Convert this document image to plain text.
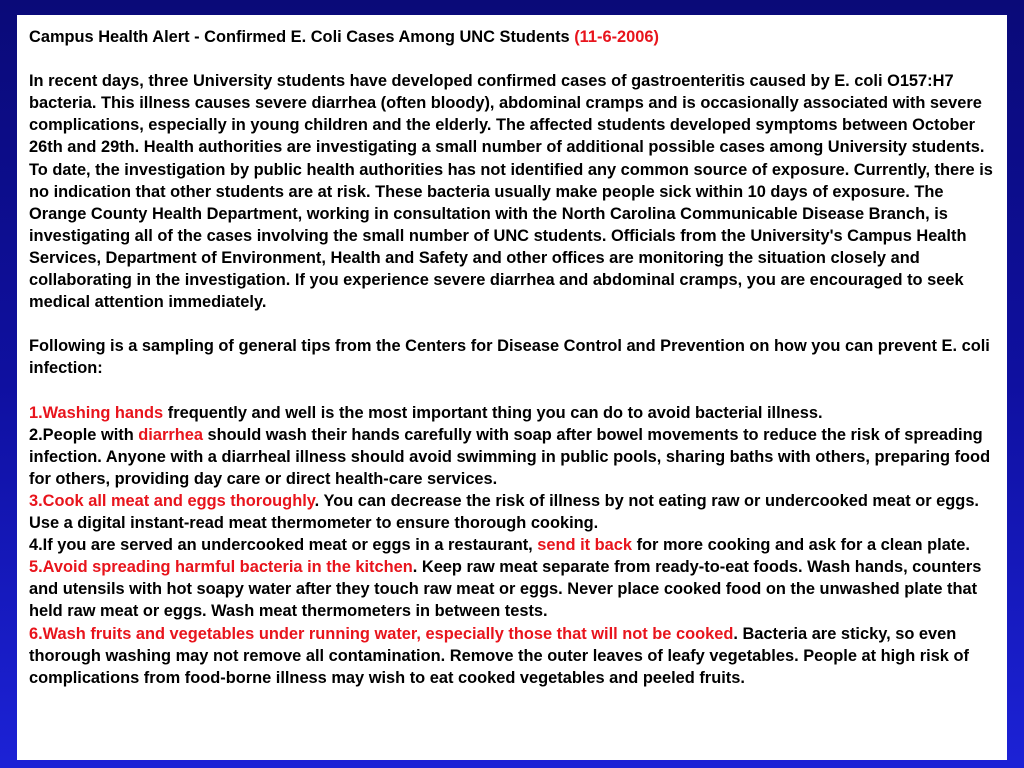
Campus Health Alert - Confirmed E. Coli Cases Among UNC Students (11-6-2006)

In recent days, three University students have developed confirmed cases of gastroenteritis caused by E. coli O157:H7 bacteria. This illness causes severe diarrhea (often bloody), abdominal cramps and is occasionally associated with severe complications, especially in young children and the elderly. The affected students developed symptoms between October 26th and 29th. Health authorities are investigating a small number of additional possible cases among University students. To date, the investigation by public health authorities has not identified any common source of exposure. Currently, there is no indication that other students are at risk. These bacteria usually make people sick within 10 days of exposure. The Orange County Health Department, working in consultation with the North Carolina Communicable Disease Branch, is investigating all of the cases involving the small number of UNC students. Officials from the University's Campus Health Services, Department of Environment, Health and Safety and other offices are monitoring the situation closely and collaborating in the investigation. If you experience severe diarrhea and abdominal cramps, you are encouraged to seek medical attention immediately.

Following is a sampling of general tips from the Centers for Disease Control and Prevention on how you can prevent E. coli infection:

1.Washing hands frequently and well is the most important thing you can do to avoid bacterial illness.

2.People with diarrhea should wash their hands carefully with soap after bowel movements to reduce the risk of spreading infection. Anyone with a diarrheal illness should avoid swimming in public pools, sharing baths with others, preparing food for others, providing day care or direct health-care services.

3.Cook all meat and eggs thoroughly. You can decrease the risk of illness by not eating raw or undercooked meat or eggs. Use a digital instant-read meat thermometer to ensure thorough cooking.

4.If you are served an undercooked meat or eggs in a restaurant, send it back for more cooking and ask for a clean plate.

5.Avoid spreading harmful bacteria in the kitchen. Keep raw meat separate from ready-to-eat foods. Wash hands, counters and utensils with hot soapy water after they touch raw meat or eggs. Never place cooked food on the unwashed plate that held raw meat or eggs. Wash meat thermometers in between tests.

6.Wash fruits and vegetables under running water, especially those that will not be cooked. Bacteria are sticky, so even thorough washing may not remove all contamination. Remove the outer leaves of leafy vegetables. People at high risk of complications from food-borne illness may wish to eat cooked vegetables and peeled fruits.
